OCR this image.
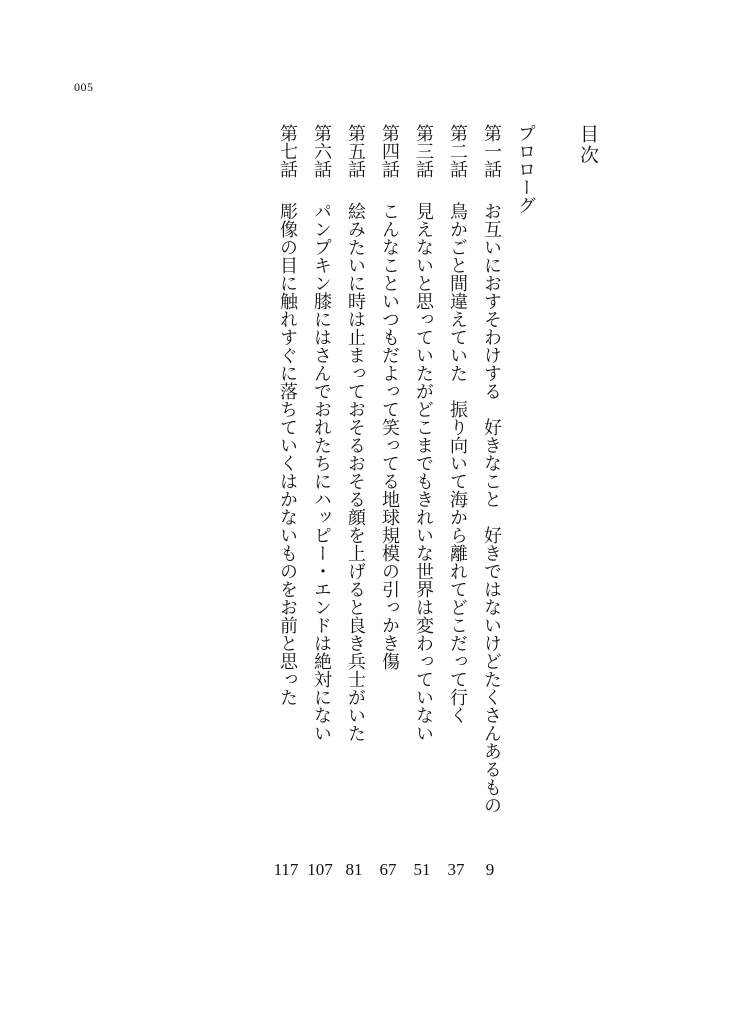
005
目次
プロローグ
第一話
お互いにおすそわけする　好きなこと　好きではないけどたくさんあるもの
9
第二話
鳥かごと間違えていた　振り向いて海から離れてどこだって行く
37
第三話
見えないと思っていたがどこまでもきれいな世界は変わっていない
51
第四話
こんなこといつもだよって笑ってる地球規模の引っかき傷
67
第五話
絵みたいに時は止まっておそるおそる顔を上げると良き兵士がいた
81
第六話
パンプキン膝にはさんでおれたちにハッピー・エンドは絶対にない
107
第七話
彫像の目に触れすぐに落ちていくはかないものをお前と思った
117
